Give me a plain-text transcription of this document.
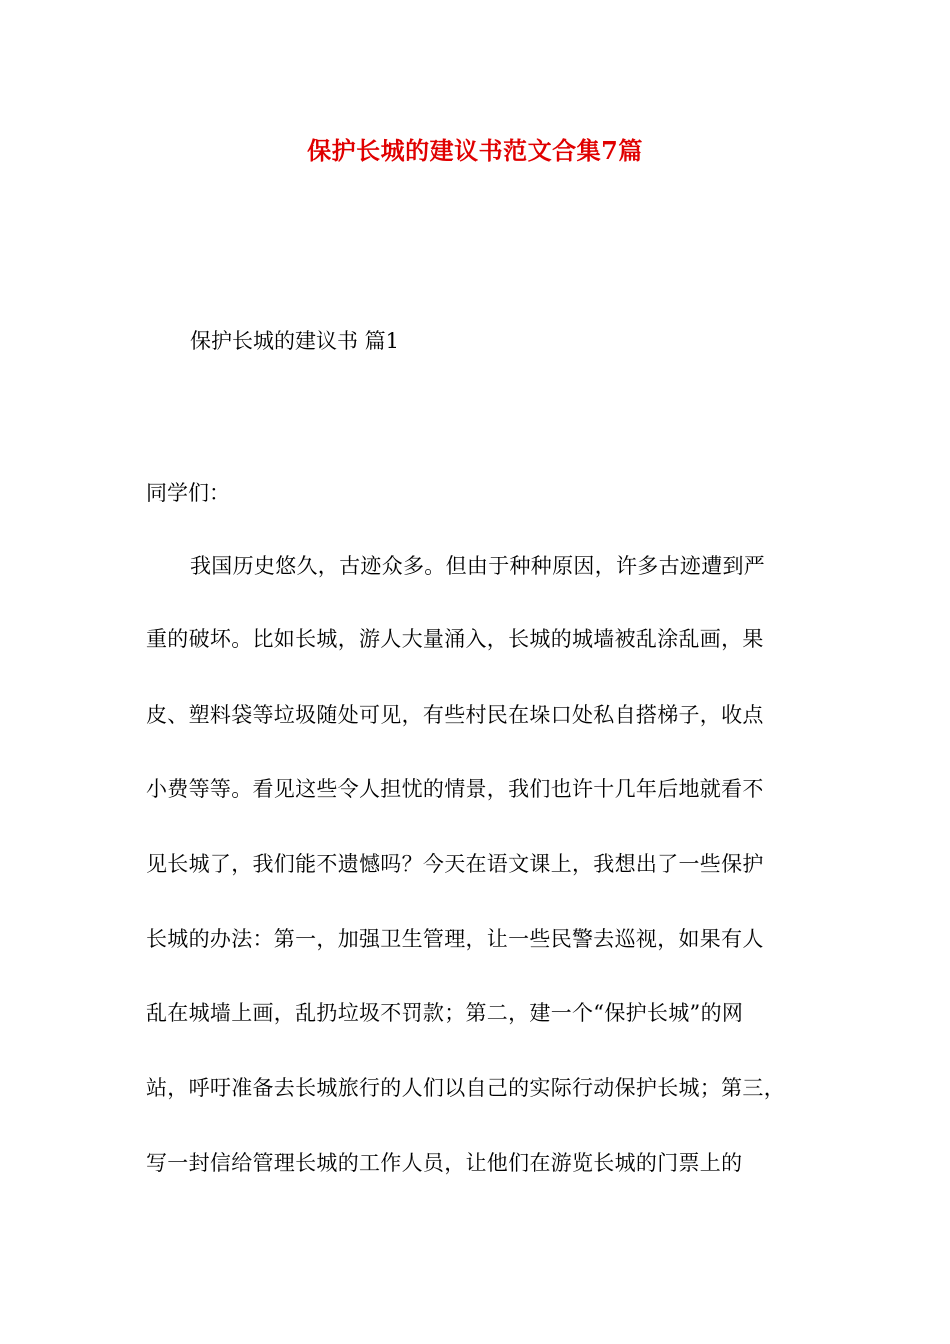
保护长城的建议书范文合集7篇
保护长城的建议书 篇1
同学们：
我国历史悠久，古迹众多。但由于种种原因，许多古迹遭到严
重的破坏。比如长城，游人大量涌入，长城的城墙被乱涂乱画，果
皮、塑料袋等垃圾随处可见，有些村民在垛口处私自搭梯子，收点
小费等等。看见这些令人担忧的情景，我们也许十几年后地就看不
见长城了，我们能不遗憾吗？今天在语文课上，我想出了一些保护
长城的办法：第一，加强卫生管理，让一些民警去巡视，如果有人
乱在城墙上画，乱扔垃圾不罚款；第二，建一个“保护长城”的网
站，呼吁准备去长城旅行的人们以自己的实际行动保护长城；第三，
写一封信给管理长城的工作人员，让他们在游览长城的门票上的
